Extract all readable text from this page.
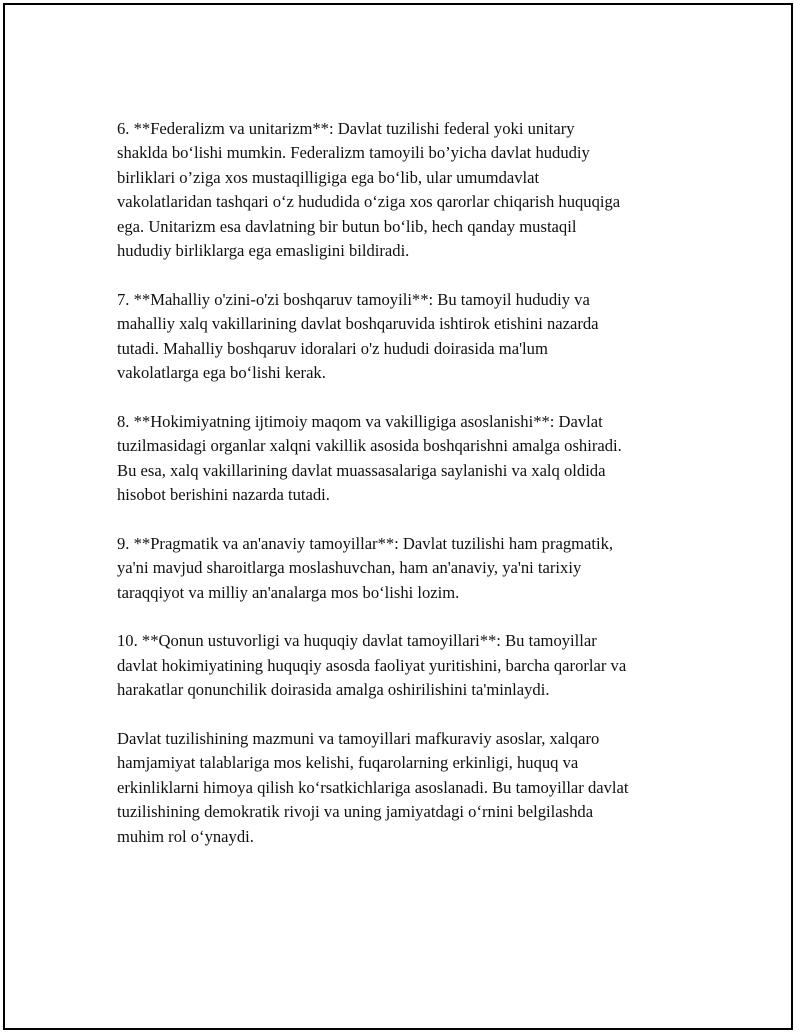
6. **Federalizm va unitarizm**: Davlat tuzilishi federal yoki unitary
shaklda bo‘lishi mumkin. Federalizm tamoyili bo’yicha davlat hududiy
birliklari o’ziga xos mustaqilligiga ega bo‘lib, ular umumdavlat
vakolatlaridan tashqari o‘z hududida o‘ziga xos qarorlar chiqarish huquqiga
ega. Unitarizm esa davlatning bir butun bo‘lib, hech qanday mustaqil
hududiy birliklarga ega emasligini bildiradi.

7. **Mahalliy o'zini-o'zi boshqaruv tamoyili**: Bu tamoyil hududiy va
mahalliy xalq vakillarining davlat boshqaruvida ishtirok etishini nazarda
tutadi. Mahalliy boshqaruv idoralari o'z hududi doirasida ma'lum
vakolatlarga ega bo‘lishi kerak.

8. **Hokimiyatning ijtimoiy maqom va vakilligiga asoslanishi**: Davlat
tuzilmasidagi organlar xalqni vakillik asosida boshqarishni amalga oshiradi.
Bu esa, xalq vakillarining davlat muassasalariga saylanishi va xalq oldida
hisobot berishini nazarda tutadi.

9. **Pragmatik va an'anaviy tamoyillar**: Davlat tuzilishi ham pragmatik,
ya'ni mavjud sharoitlarga moslashuvchan, ham an'anaviy, ya'ni tarixiy
taraqqiyot va milliy an'analarga mos bo‘lishi lozim.

10. **Qonun ustuvorligi va huquqiy davlat tamoyillari**: Bu tamoyillar
davlat hokimiyatining huquqiy asosda faoliyat yuritishini, barcha qarorlar va
harakatlar qonunchilik doirasida amalga oshirilishini ta'minlaydi.

Davlat tuzilishining mazmuni va tamoyillari mafkuraviy asoslar, xalqaro
hamjamiyat talablariga mos kelishi, fuqarolarning erkinligi, huquq va
erkinliklarni himoya qilish ko‘rsatkichlariga asoslanadi. Bu tamoyillar davlat
tuzilishining demokratik rivoji va uning jamiyatdagi o‘rnini belgilashda
muhim rol o‘ynaydi.
